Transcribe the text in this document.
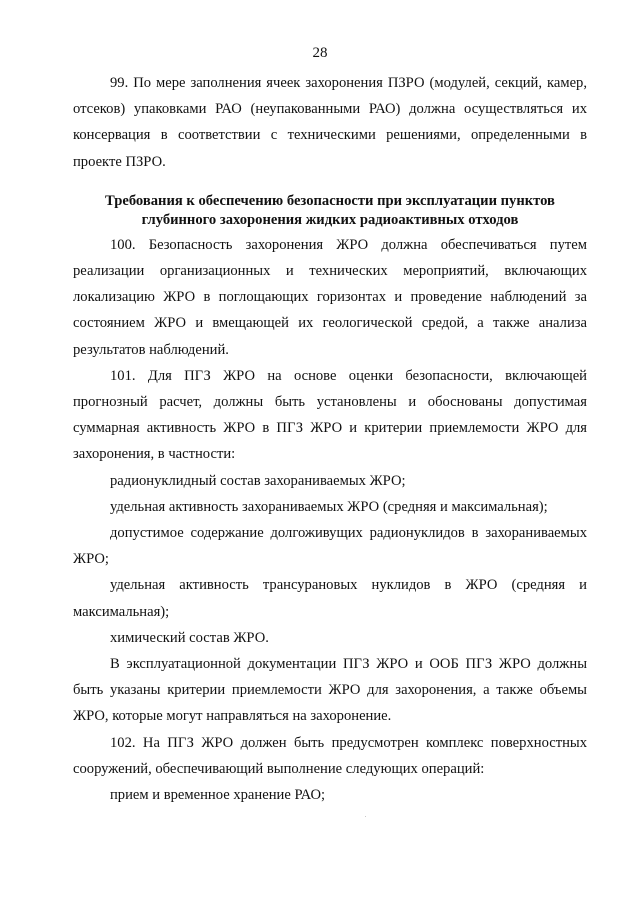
28

99. По мере заполнения ячеек захоронения ПЗРО (модулей, секций, камер, отсеков) упаковками РАО (неупакованными РАО) должна осуществляться их консервация в соответствии с техническими решениями, определенными в проекте ПЗРО.

Требования к обеспечению безопасности при эксплуатации пунктов глубинного захоронения жидких радиоактивных отходов

100. Безопасность захоронения ЖРО должна обеспечиваться путем реализации организационных и технических мероприятий, включающих локализацию ЖРО в поглощающих горизонтах и проведение наблюдений за состоянием ЖРО и вмещающей их геологической средой, а также анализа результатов наблюдений.

101. Для ПГЗ ЖРО на основе оценки безопасности, включающей прогнозный расчет, должны быть установлены и обоснованы допустимая суммарная активность ЖРО в ПГЗ ЖРО и критерии приемлемости ЖРО для захоронения, в частности:

радионуклидный состав захораниваемых ЖРО;

удельная активность захораниваемых ЖРО (средняя и максимальная);

допустимое содержание долгоживущих радионуклидов в захораниваемых ЖРО;

удельная активность трансурановых нуклидов в ЖРО (средняя и максимальная);

химический состав ЖРО.

В эксплуатационной документации ПГЗ ЖРО и ООБ ПГЗ ЖРО должны быть указаны критерии приемлемости ЖРО для захоронения, а также объемы ЖРО, которые могут направляться на захоронение.

102. На ПГЗ ЖРО должен быть предусмотрен комплекс поверхностных сооружений, обеспечивающий выполнение следующих операций:

прием и временное хранение РАО;
